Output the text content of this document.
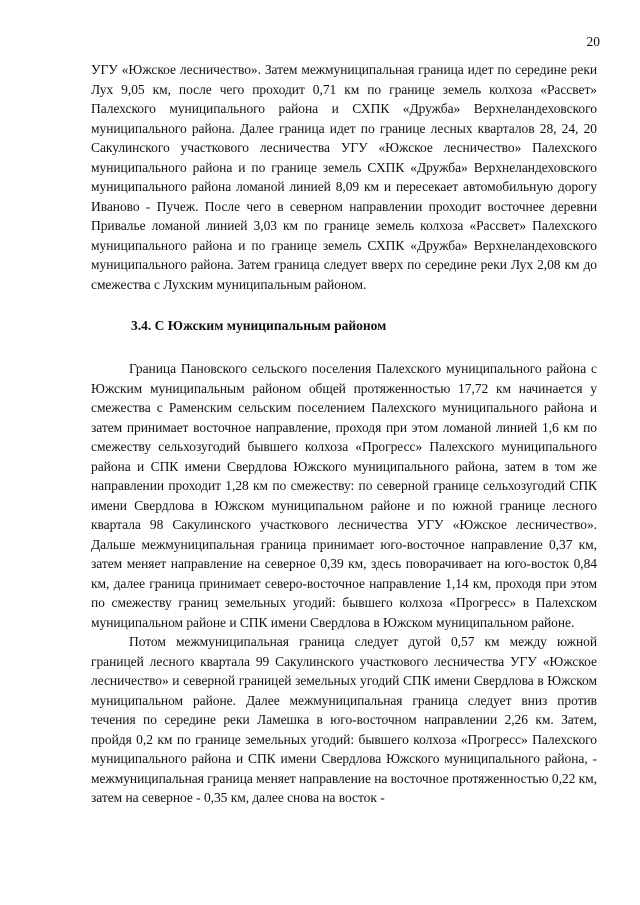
20

УГУ «Южское лесничество». Затем межмуниципальная граница идет по середине реки Лух 9,05 км, после чего проходит 0,71 км по границе земель колхоза «Рассвет» Палехского муниципального района и СХПК «Дружба» Верхнеландеховского муниципального района. Далее граница идет по границе лесных кварталов 28, 24, 20 Сакулинского участкового лесничества УГУ «Южское лесничество» Палехского муниципального района и по границе земель СХПК «Дружба» Верхнеландеховского муниципального района ломаной линией 8,09 км и пересекает автомобильную дорогу Иваново - Пучеж. После чего в северном направлении проходит восточнее деревни Привалье ломаной линией 3,03 км по границе земель колхоза «Рассвет» Палехского муниципального района и по границе земель СХПК «Дружба» Верхнеландеховского муниципального района. Затем граница следует вверх по середине реки Лух 2,08 км до смежества с Лухским муниципальным районом.

3.4. С Южским муниципальным районом

Граница Пановского сельского поселения Палехского муниципального района с Южским муниципальным районом общей протяженностью 17,72 км начинается у смежества с Раменским сельским поселением Палехского муниципального района и затем принимает восточное направление, проходя при этом ломаной линией 1,6 км по смежеству сельхозугодий бывшего колхоза «Прогресс» Палехского муниципального района и СПК имени Свердлова Южского муниципального района, затем в том же направлении проходит 1,28 км по смежеству: по северной границе сельхозугодий СПК имени Свердлова в Южском муниципальном районе и по южной границе лесного квартала 98 Сакулинского участкового лесничества УГУ «Южское лесничество». Дальше межмуниципальная граница принимает юго-восточное направление 0,37 км, затем меняет направление на северное 0,39 км, здесь поворачивает на юго-восток 0,84 км, далее граница принимает северо-восточное направление 1,14 км, проходя при этом по смежеству границ земельных угодий: бывшего колхоза «Прогресс» в Палехском муниципальном районе и СПК имени Свердлова в Южском муниципальном районе.

Потом межмуниципальная граница следует дугой 0,57 км между южной границей лесного квартала 99 Сакулинского участкового лесничества УГУ «Южское лесничество» и северной границей земельных угодий СПК имени Свердлова в Южском муниципальном районе. Далее межмуниципальная граница следует вниз против течения по середине реки Ламешка в юго-восточном направлении 2,26 км. Затем, пройдя 0,2 км по границе земельных угодий: бывшего колхоза «Прогресс» Палехского муниципального района и СПК имени Свердлова Южского муниципального района, - межмуниципальная граница меняет направление на восточное протяженностью 0,22 км, затем на северное - 0,35 км, далее снова на восток -
